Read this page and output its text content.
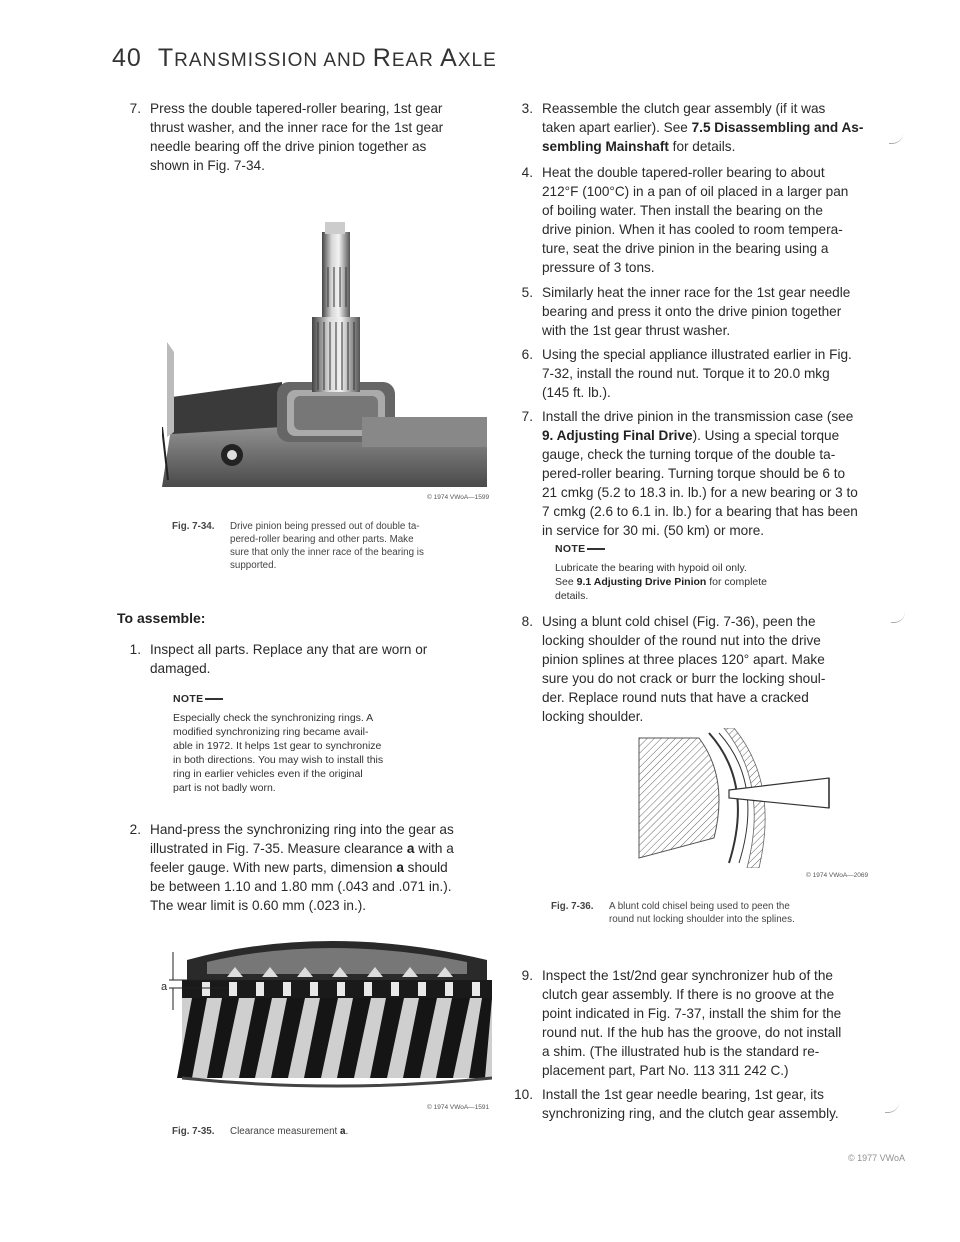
40 TRANSMISSION AND REAR AXLE
7. Press the double tapered-roller bearing, 1st gear
thrust washer, and the inner race for the 1st gear
needle bearing off the drive pinion together as
shown in Fig. 7-34.
© 1974 VWoA—1599
Fig. 7-34. Drive pinion being pressed out of double ta-
pered-roller bearing and other parts. Make
sure that only the inner race of the bearing is
supported.
To assemble:
1. Inspect all parts. Replace any that are worn or
damaged.
NOTE
Especially check the synchronizing rings. A
modified synchronizing ring became avail-
able in 1972. It helps 1st gear to synchronize
in both directions. You may wish to install this
ring in earlier vehicles even if the original
part is not badly worn.
2. Hand-press the synchronizing ring into the gear as
illustrated in Fig. 7-35. Measure clearance a with a
feeler gauge. With new parts, dimension a should
be between 1.10 and 1.80 mm (.043 and .071 in.).
The wear limit is 0.60 mm (.023 in.).
a
© 1974 VWoA—1591
Fig. 7-35. Clearance measurement a.
3. Reassemble the clutch gear assembly (if it was
taken apart earlier). See 7.5 Disassembling and As-
sembling Mainshaft for details.
4. Heat the double tapered-roller bearing to about
212°F (100°C) in a pan of oil placed in a larger pan
of boiling water. Then install the bearing on the
drive pinion. When it has cooled to room tempera-
ture, seat the drive pinion in the bearing using a
pressure of 3 tons.
5. Similarly heat the inner race for the 1st gear needle
bearing and press it onto the drive pinion together
with the 1st gear thrust washer.
6. Using the special appliance illustrated earlier in Fig.
7-32, install the round nut. Torque it to 20.0 mkg
(145 ft. lb.).
7. Install the drive pinion in the transmission case (see
9. Adjusting Final Drive). Using a special torque
gauge, check the turning torque of the double ta-
pered-roller bearing. Turning torque should be 6 to
21 cmkg (5.2 to 18.3 in. lb.) for a new bearing or 3 to
7 cmkg (2.6 to 6.1 in. lb.) for a bearing that has been
in service for 30 mi. (50 km) or more.
NOTE
Lubricate the bearing with hypoid oil only.
See 9.1 Adjusting Drive Pinion for complete
details.
8. Using a blunt cold chisel (Fig. 7-36), peen the
locking shoulder of the round nut into the drive
pinion splines at three places 120° apart. Make
sure you do not crack or burr the locking shoul-
der. Replace round nuts that have a cracked
locking shoulder.
© 1974 VWoA—2069
Fig. 7-36. A blunt cold chisel being used to peen the
round nut locking shoulder into the splines.
9. Inspect the 1st/2nd gear synchronizer hub of the
clutch gear assembly. If there is no groove at the
point indicated in Fig. 7-37, install the shim for the
round nut. If the hub has the groove, do not install
a shim. (The illustrated hub is the standard re-
placement part, Part No. 113 311 242 C.)
10. Install the 1st gear needle bearing, 1st gear, its
synchronizing ring, and the clutch gear assembly.
© 1977 VWoA
